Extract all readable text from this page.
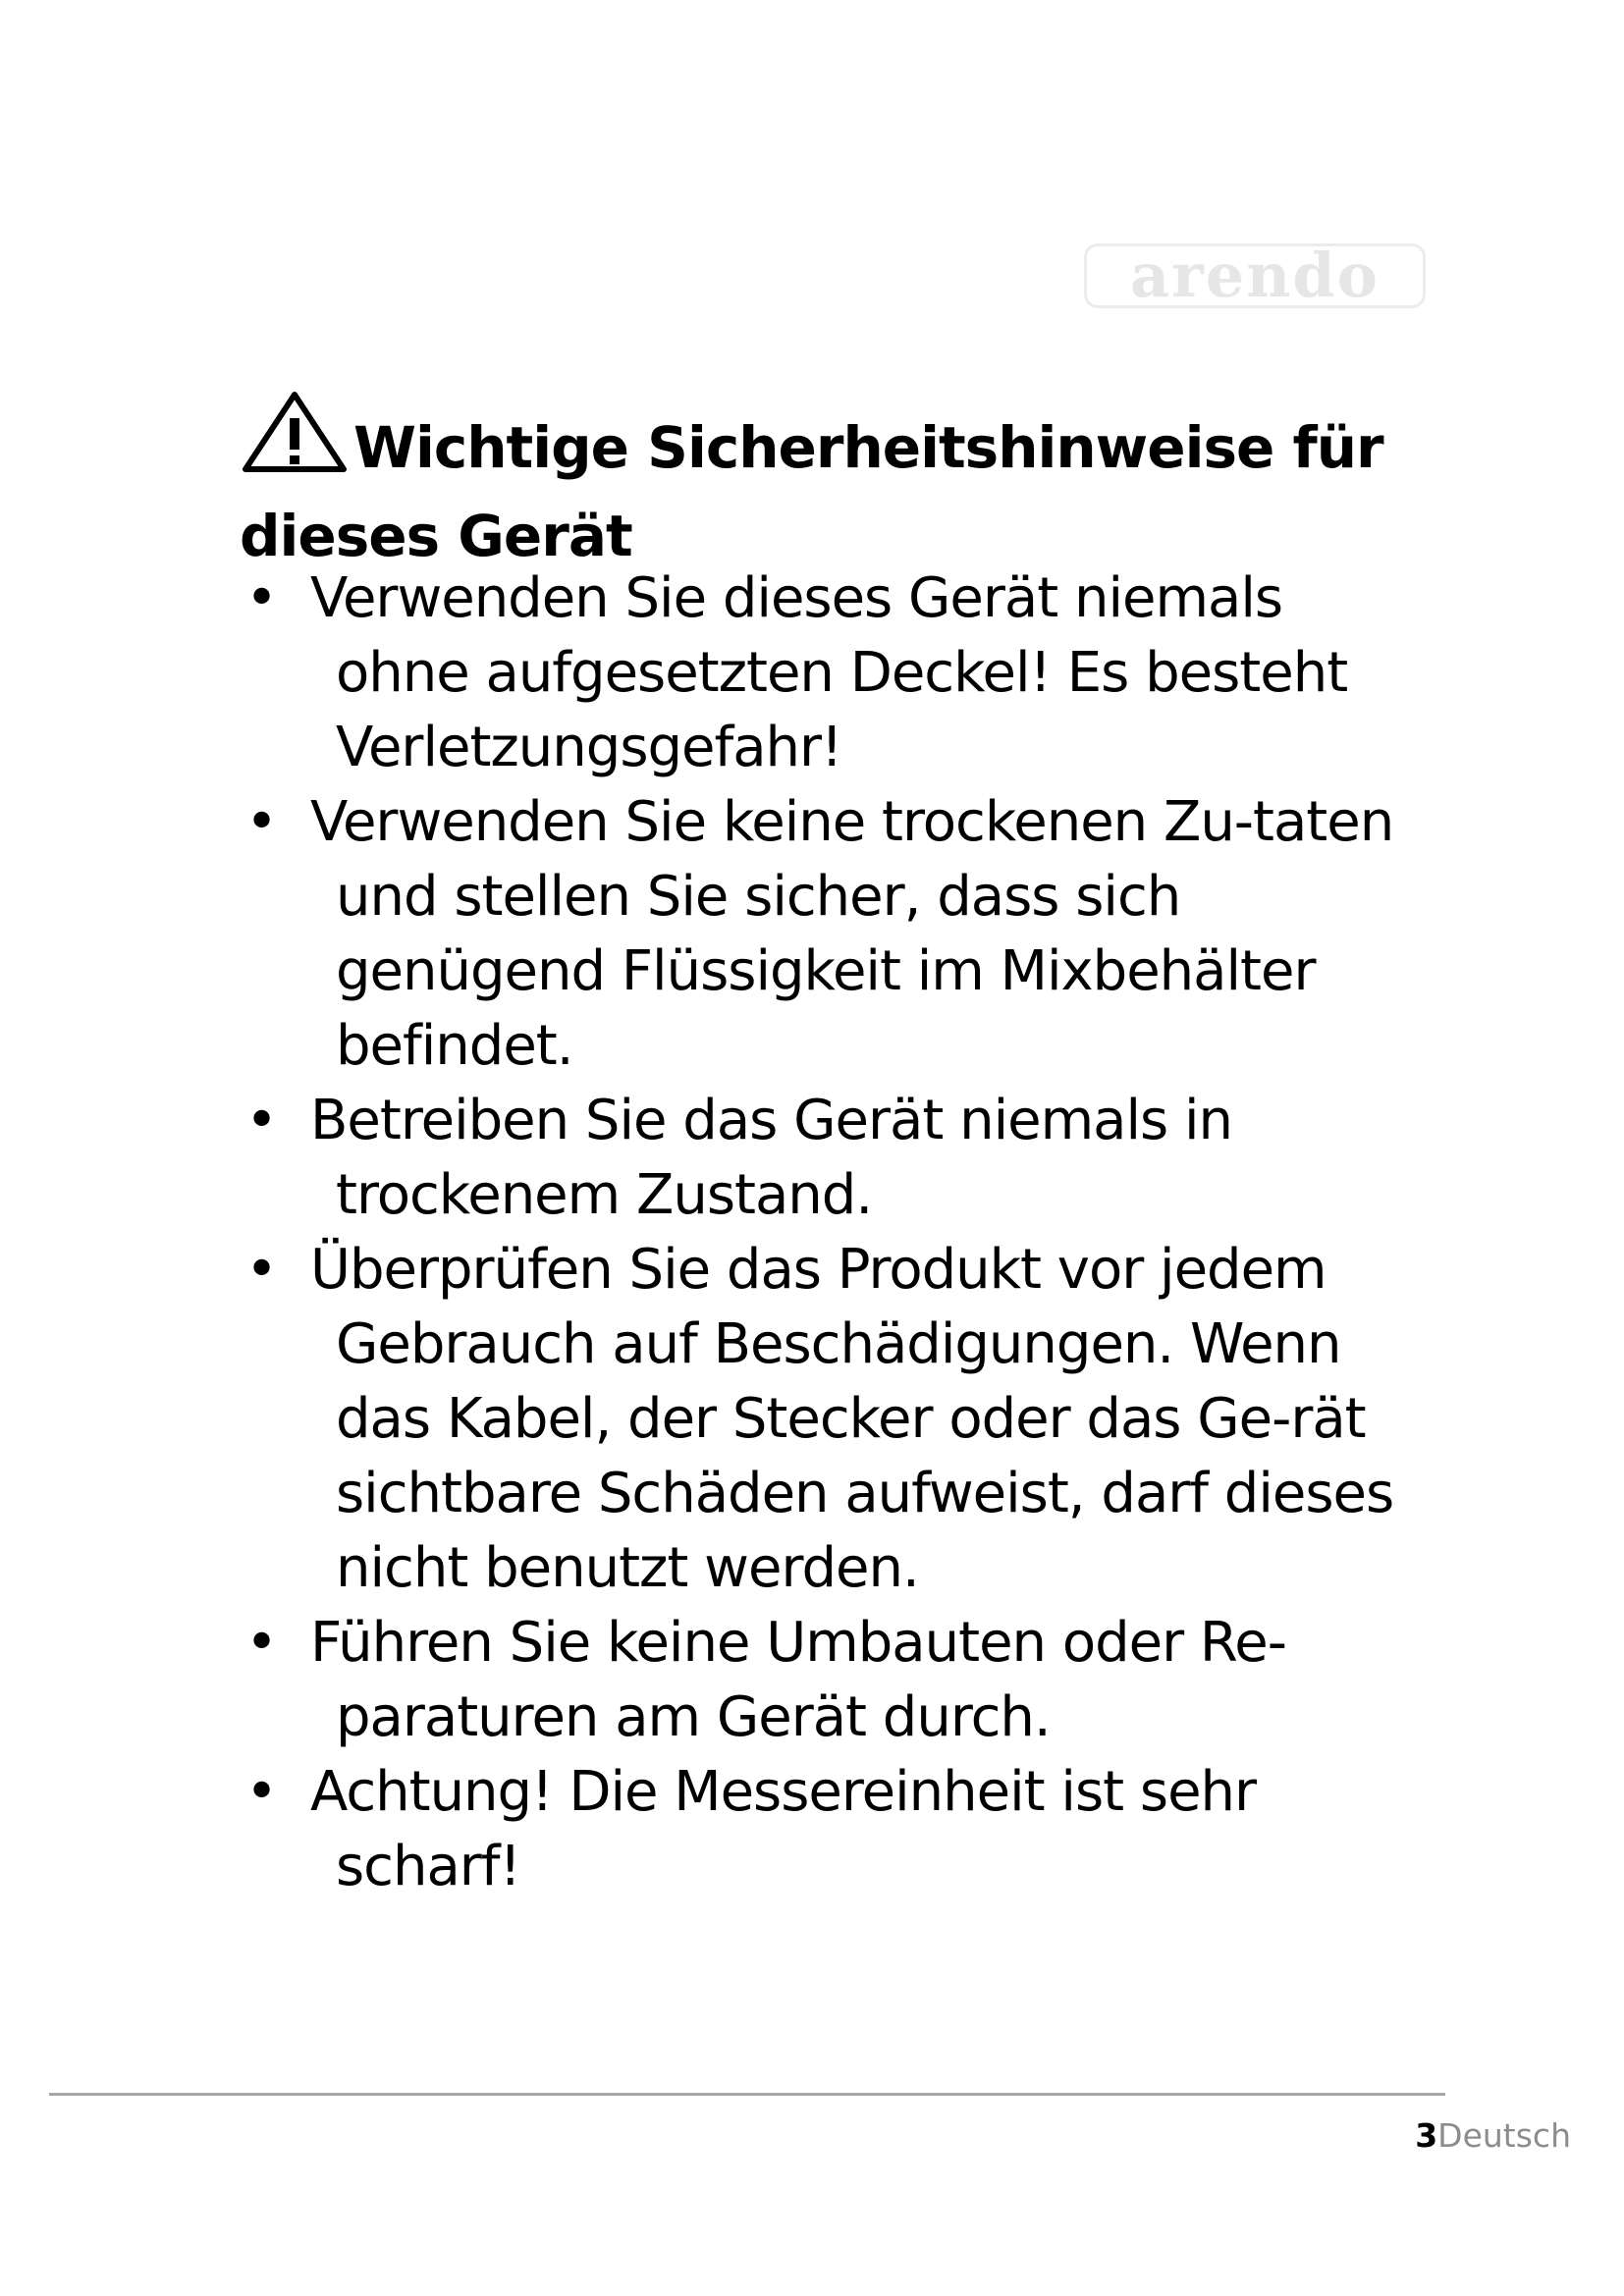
arendo
Wichtige Sicherheitshinweise für dieses Gerät
• Verwenden Sie dieses Gerät niemals ohne aufgesetzten Deckel! Es besteht Verletzungsgefahr!
• Verwenden Sie keine trockenen Zu-taten und stellen Sie sicher, dass sich genügend Flüssigkeit im Mixbehälter befindet.
• Betreiben Sie das Gerät niemals in trockenem Zustand.
• Überprüfen Sie das Produkt vor jedem Gebrauch auf Beschädigungen. Wenn das Kabel, der Stecker oder das Ge-rät sichtbare Schäden aufweist, darf dieses nicht benutzt werden.
• Führen Sie keine Umbauten oder Re-paraturen am Gerät durch.
• Achtung! Die Messereinheit ist sehr scharf!
3Deutsch
